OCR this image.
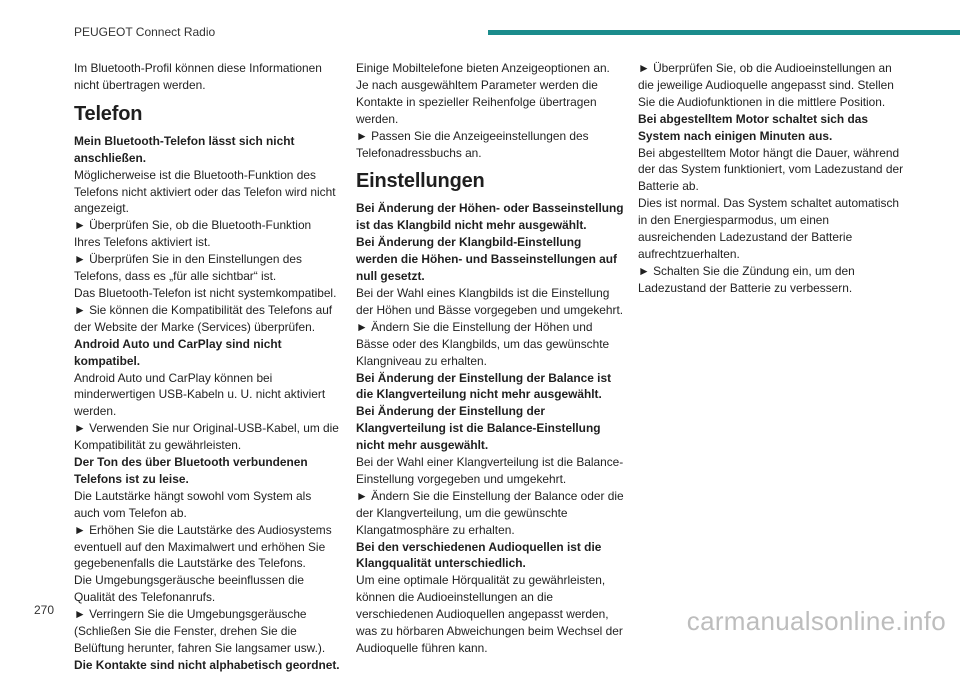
PEUGEOT Connect Radio

Im Bluetooth-Profil können diese Informationen nicht übertragen werden.

Telefon

Mein Bluetooth-Telefon lässt sich nicht anschließen.

Möglicherweise ist die Bluetooth-Funktion des Telefons nicht aktiviert oder das Telefon wird nicht angezeigt.

► Überprüfen Sie, ob die Bluetooth-Funktion Ihres Telefons aktiviert ist.

► Überprüfen Sie in den Einstellungen des Telefons, dass es „für alle sichtbar“ ist.

Das Bluetooth-Telefon ist nicht systemkompatibel.

► Sie können die Kompatibilität des Telefons auf der Website der Marke (Services) überprüfen.

Android Auto und CarPlay sind nicht kompatibel.

Android Auto und CarPlay können bei minderwertigen USB-Kabeln u. U. nicht aktiviert werden.

► Verwenden Sie nur Original-USB-Kabel, um die Kompatibilität zu gewährleisten.

Der Ton des über Bluetooth verbundenen Telefons ist zu leise.

Die Lautstärke hängt sowohl vom System als auch vom Telefon ab.

► Erhöhen Sie die Lautstärke des Audiosystems eventuell auf den Maximalwert und erhöhen Sie gegebenenfalls die Lautstärke des Telefons.

Die Umgebungsgeräusche beeinflussen die Qualität des Telefonanrufs.

► Verringern Sie die Umgebungsgeräusche (Schließen Sie die Fenster, drehen Sie die Belüftung herunter, fahren Sie langsamer usw.).

Die Kontakte sind nicht alphabetisch geordnet.

Einige Mobiltelefone bieten Anzeigeoptionen an. Je nach ausgewähltem Parameter werden die Kontakte in spezieller Reihenfolge übertragen werden.

► Passen Sie die Anzeigeeinstellungen des Telefonadressbuchs an.

Einstellungen

Bei Änderung der Höhen- oder Basseinstellung ist das Klangbild nicht mehr ausgewählt.

Bei Änderung der Klangbild-Einstellung werden die Höhen- und Basseinstellungen auf null gesetzt.

Bei der Wahl eines Klangbilds ist die Einstellung der Höhen und Bässe vorgegeben und umgekehrt.

► Ändern Sie die Einstellung der Höhen und Bässe oder des Klangbilds, um das gewünschte Klangniveau zu erhalten.

Bei Änderung der Einstellung der Balance ist die Klangverteilung nicht mehr ausgewählt.

Bei Änderung der Einstellung der Klangverteilung ist die Balance-Einstellung nicht mehr ausgewählt.

Bei der Wahl einer Klangverteilung ist die Balance-Einstellung vorgegeben und umgekehrt.

► Ändern Sie die Einstellung der Balance oder die der Klangverteilung, um die gewünschte Klangatmosphäre zu erhalten.

Bei den verschiedenen Audioquellen ist die Klangqualität unterschiedlich.

Um eine optimale Hörqualität zu gewährleisten, können die Audioeinstellungen an die verschiedenen Audioquellen angepasst werden, was zu hörbaren Abweichungen beim Wechsel der Audioquelle führen kann.

► Überprüfen Sie, ob die Audioeinstellungen an die jeweilige Audioquelle angepasst sind. Stellen Sie die Audiofunktionen in die mittlere Position.

Bei abgestelltem Motor schaltet sich das System nach einigen Minuten aus.

Bei abgestelltem Motor hängt die Dauer, während der das System funktioniert, vom Ladezustand der Batterie ab.

Dies ist normal. Das System schaltet automatisch in den Energiesparmodus, um einen ausreichenden Ladezustand der Batterie aufrechtzuerhalten.

► Schalten Sie die Zündung ein, um den Ladezustand der Batterie zu verbessern.

270	carmanualsonline.info
